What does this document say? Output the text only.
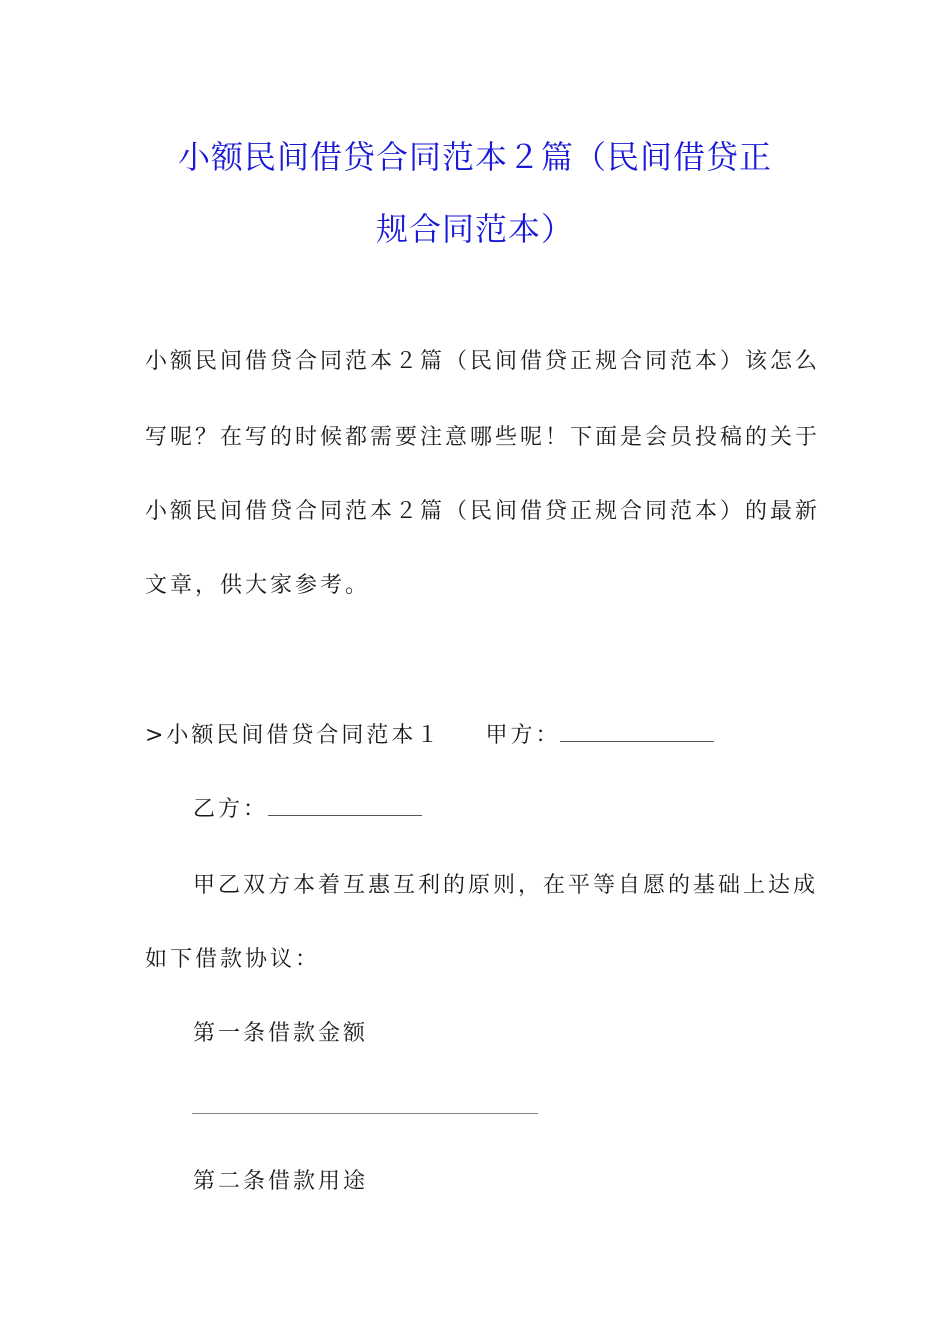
小额民间借贷合同范本２篇（民间借贷正
规合同范本）
小额民间借贷合同范本２篇（民间借贷正规合同范本）该怎么
写呢？在写的时候都需要注意哪些呢！下面是会员投稿的关于
小额民间借贷合同范本２篇（民间借贷正规合同范本）的最新
文章，供大家参考。
>小额民间借贷合同范本１ 甲方：
乙方：
甲乙双方本着互惠互利的原则，在平等自愿的基础上达成
如下借款协议：
第一条借款金额
第二条借款用途
